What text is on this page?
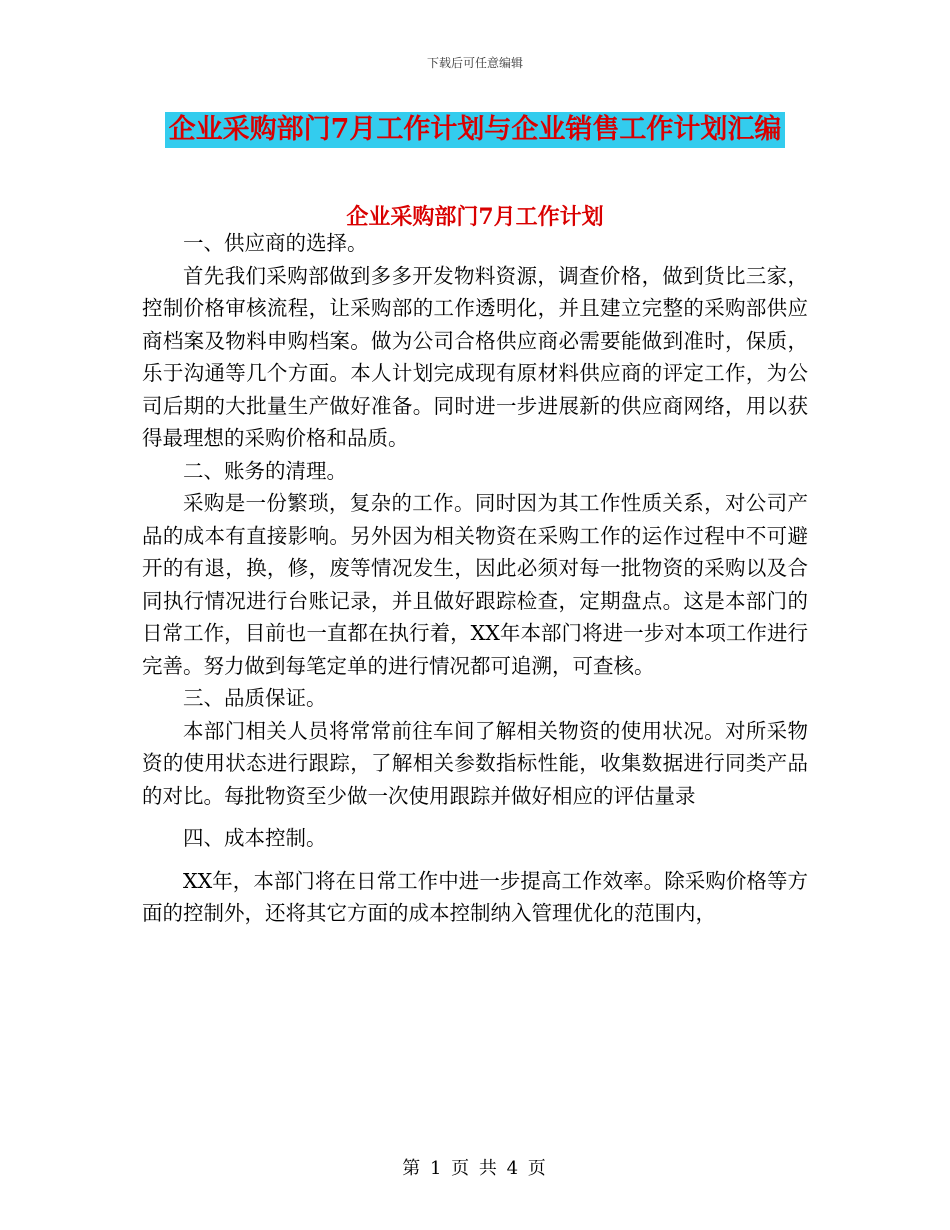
下载后可任意编辑
企业采购部门7月工作计划与企业销售工作计划汇编
企业采购部门7月工作计划

一、供应商的选择。

首先我们采购部做到多多开发物料资源，调查价格，做到货比三家，控制价格审核流程，让采购部的工作透明化，并且建立完整的采购部供应商档案及物料申购档案。做为公司合格供应商必需要能做到准时，保质，乐于沟通等几个方面。本人计划完成现有原材料供应商的评定工作，为公司后期的大批量生产做好准备。同时进一步进展新的供应商网络，用以获得最理想的采购价格和品质。

二、账务的清理。

采购是一份繁琐，复杂的工作。同时因为其工作性质关系，对公司产品的成本有直接影响。另外因为相关物资在采购工作的运作过程中不可避开的有退，换，修，废等情况发生，因此必须对每一批物资的采购以及合同执行情况进行台账记录，并且做好跟踪检查，定期盘点。这是本部门的日常工作，目前也一直都在执行着，XX年本部门将进一步对本项工作进行完善。努力做到每笔定单的进行情况都可追溯，可查核。

三、品质保证。

本部门相关人员将常常前往车间了解相关物资的使用状况。对所采物资的使用状态进行跟踪，了解相关参数指标性能，收集数据进行同类产品的对比。每批物资至少做一次使用跟踪并做好相应的评估量录

四、成本控制。

XX年，本部门将在日常工作中进一步提高工作效率。除采购价格等方面的控制外，还将其它方面的成本控制纳入管理优化的范围内，

第 1 页 共 4 页
